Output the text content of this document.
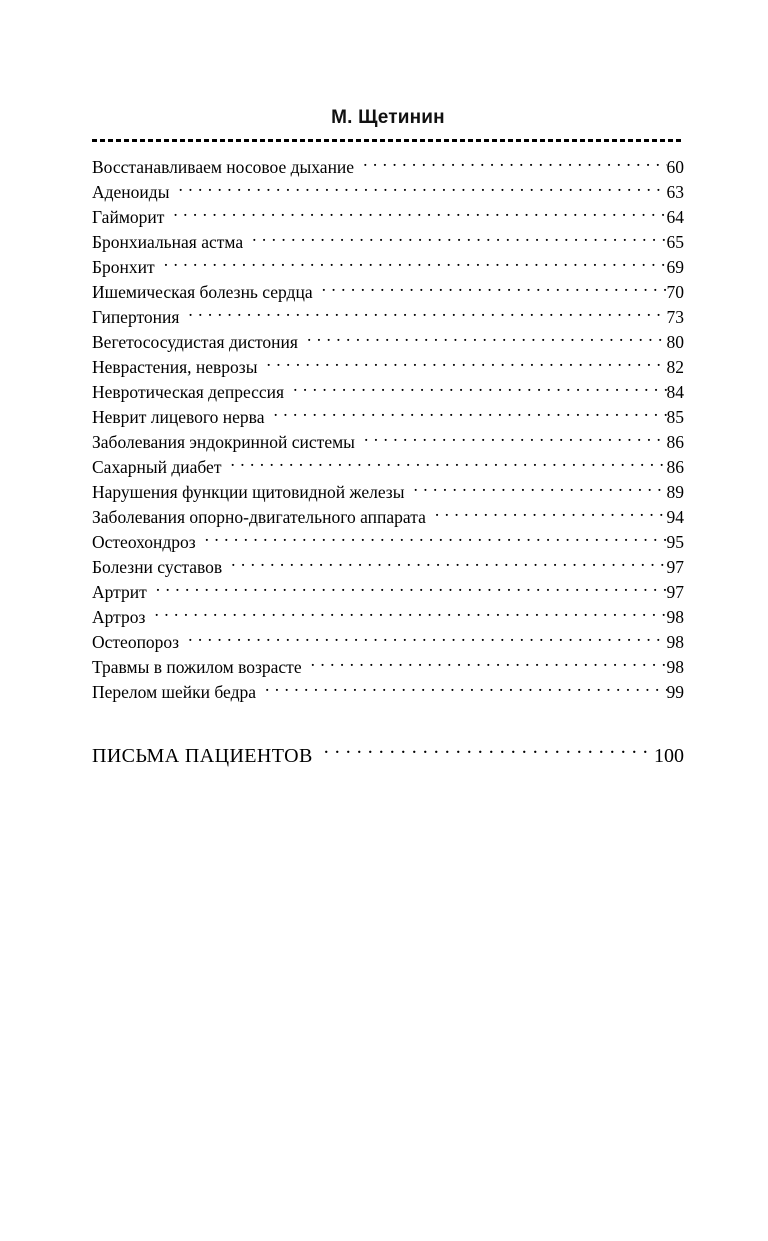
М. Щетинин
Восстанавливаем носовое дыхание . . .	60
Аденоиды . . .	63
Гайморит . . .	64
Бронхиальная астма . . .	65
Бронхит . . .	69
Ишемическая болезнь сердца . . .	70
Гипертония . . .	73
Вегетососудистая дистония . . .	80
Неврастения, неврозы . . .	82
Невротическая депрессия . . .	84
Неврит лицевого нерва . . .	85
Заболевания эндокринной системы . . .	86
Сахарный диабет . . .	86
Нарушения функции щитовидной железы . . .	89
Заболевания опорно-двигательного аппарата . . .	94
Остеохондроз . . .	95
Болезни суставов . . .	97
Артрит . . .	97
Артроз . . .	98
Остеопороз . . .	98
Травмы в пожилом возрасте . . .	98
Перелом шейки бедра . . .	99
ПИСЬМА ПАЦИЕНТОВ . . .	100
